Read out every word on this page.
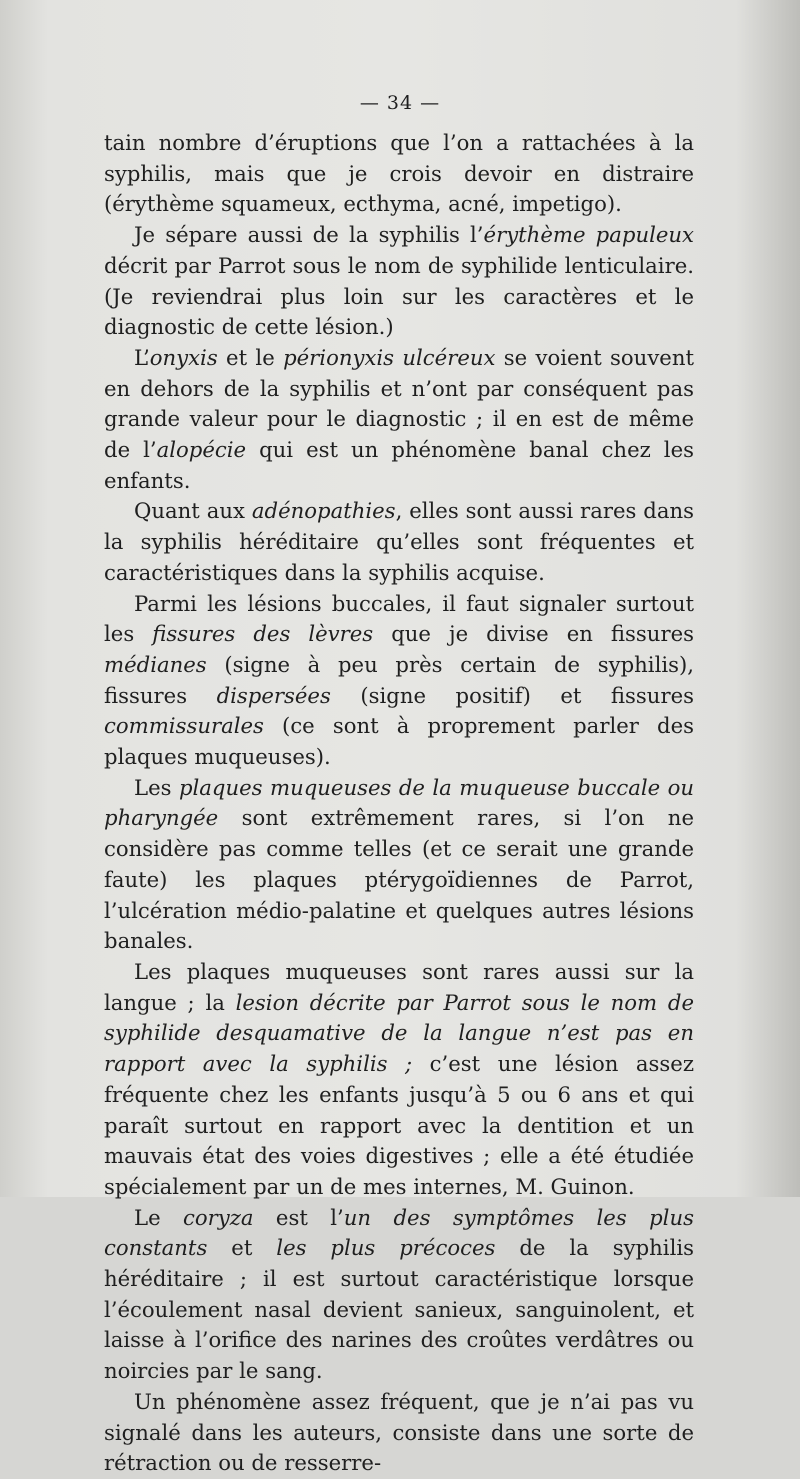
— 34 —

tain nombre d’éruptions que l’on a rattachées à la syphilis, mais que je crois devoir en distraire (érythème squameux, ecthyma, acné, impetigo).

Je sépare aussi de la syphilis l’érythème papuleux décrit par Parrot sous le nom de syphilide lenticulaire. (Je reviendrai plus loin sur les caractères et le diagnostic de cette lésion.)

L’onyxis et le périonyxis ulcéreux se voient souvent en dehors de la syphilis et n’ont par conséquent pas grande valeur pour le diagnostic ; il en est de même de l’alopécie qui est un phénomène banal chez les enfants.

Quant aux adénopathies, elles sont aussi rares dans la syphilis héréditaire qu’elles sont fréquentes et caractéristiques dans la syphilis acquise.

Parmi les lésions buccales, il faut signaler surtout les fissures des lèvres que je divise en fissures médianes (signe à peu près certain de syphilis), fissures dispersées (signe positif) et fissures commissurales (ce sont à proprement parler des plaques muqueuses).

Les plaques muqueuses de la muqueuse buccale ou pharyngée sont extrêmement rares, si l’on ne considère pas comme telles (et ce serait une grande faute) les plaques ptérygoïdiennes de Parrot, l’ulcération médio-palatine et quelques autres lésions banales.

Les plaques muqueuses sont rares aussi sur la langue ; la lesion décrite par Parrot sous le nom de syphilide desquamative de la langue n’est pas en rapport avec la syphilis ; c’est une lésion assez fréquente chez les enfants jusqu’à 5 ou 6 ans et qui paraît surtout en rapport avec la dentition et un mauvais état des voies digestives ; elle a été étudiée spécialement par un de mes internes, M. Guinon.

Le coryza est l’un des symptômes les plus constants et les plus précoces de la syphilis héréditaire ; il est surtout caractéristique lorsque l’écoulement nasal devient sanieux, sanguinolent, et laisse à l’orifice des narines des croûtes verdâtres ou noircies par le sang.

Un phénomène assez fréquent, que je n’ai pas vu signalé dans les auteurs, consiste dans une sorte de rétraction ou de resserre-
